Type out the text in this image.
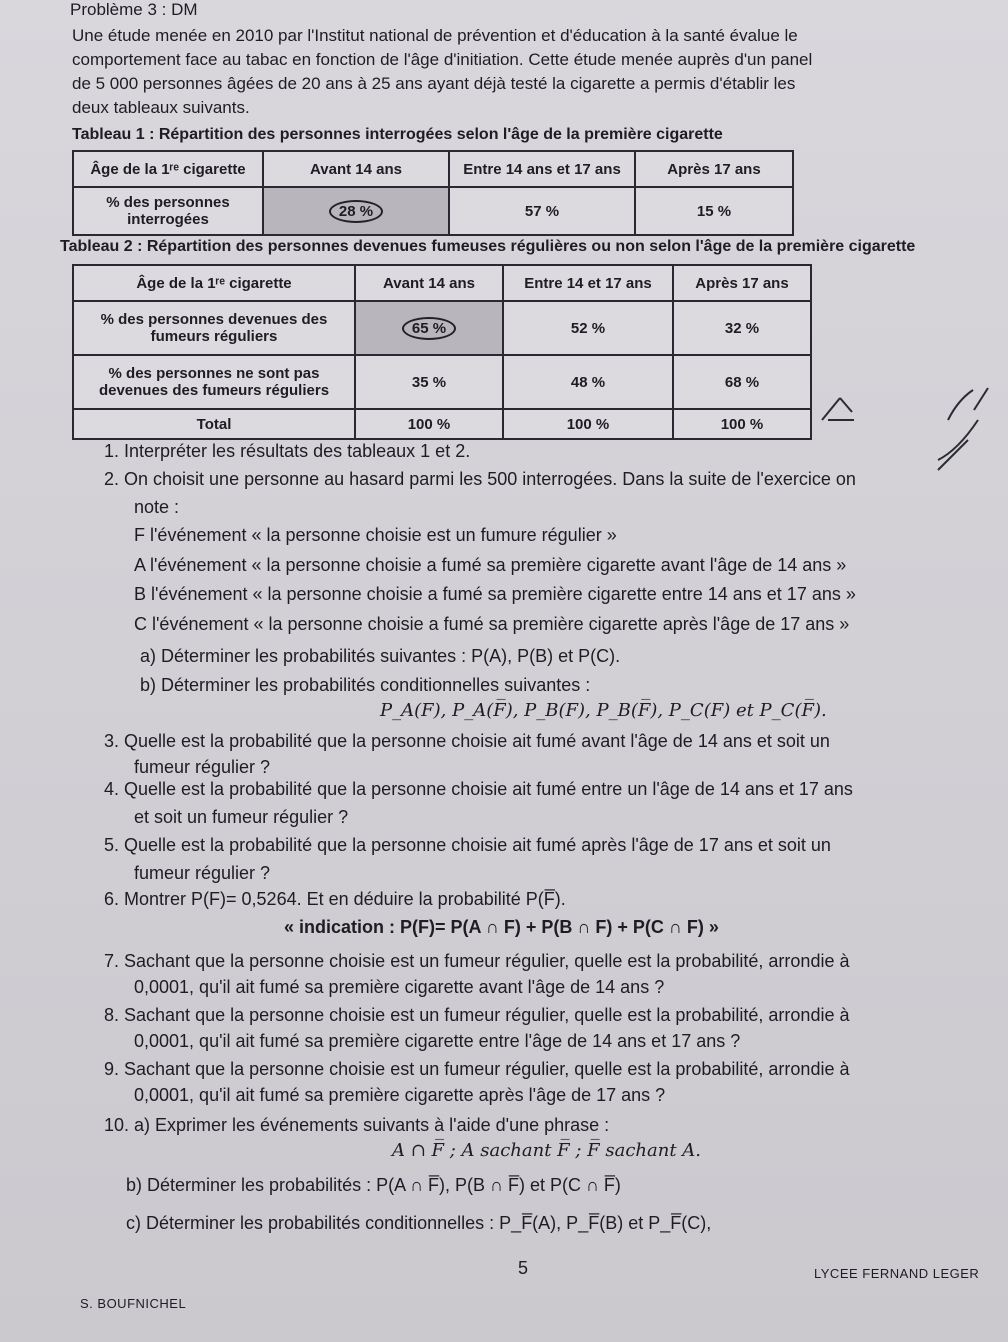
Problème 3 : DM
Une étude menée en 2010 par l'Institut national de prévention et d'éducation à la santé évalue le
comportement face au tabac en fonction de l'âge d'initiation. Cette étude menée auprès d'un panel
de 5 000 personnes âgées de 20 ans à 25 ans ayant déjà testé la cigarette a permis d'établir les
deux tableaux suivants.
Tableau 1 : Répartition des personnes interrogées selon l'âge de la première cigarette
Âge de la 1ʳᵉ cigarette	Avant 14 ans	Entre 14 ans et 17 ans	Après 17 ans
% des personnes interrogées	28 %	57 %	15 %
Tableau 2 : Répartition des personnes devenues fumeuses régulières ou non selon l'âge de la première cigarette
Âge de la 1ʳᵉ cigarette	Avant 14 ans	Entre 14 et 17 ans	Après 17 ans
% des personnes devenues des fumeurs réguliers	65 %	52 %	32 %
% des personnes ne sont pas devenues des fumeurs réguliers	35 %	48 %	68 %
Total	100 %	100 %	100 %
1. Interpréter les résultats des tableaux 1 et 2.
2. On choisit une personne au hasard parmi les 500 interrogées. Dans la suite de l'exercice on
note :
F l'événement « la personne choisie est un fumure régulier »
A l'événement « la personne choisie a fumé sa première cigarette avant l'âge de 14 ans »
B l'événement « la personne choisie a fumé sa première cigarette entre 14 ans et 17 ans »
C l'événement « la personne choisie a fumé sa première cigarette après l'âge de 17 ans »
a) Déterminer les probabilités suivantes : P(A), P(B) et P(C).
b) Déterminer les probabilités conditionnelles suivantes :
P_A(F), P_A(F̅), P_B(F), P_B(F̅), P_C(F) et P_C(F̅).
3. Quelle est la probabilité que la personne choisie ait fumé avant l'âge de 14 ans et soit un
fumeur régulier ?
4. Quelle est la probabilité que la personne choisie ait fumé entre un l'âge de 14 ans et 17 ans
et soit un fumeur régulier ?
5. Quelle est la probabilité que la personne choisie ait fumé après l'âge de 17 ans et soit un
fumeur régulier ?
6. Montrer P(F)= 0,5264. Et en déduire la probabilité P(F̅).
« indication : P(F)= P(A ∩ F) + P(B ∩ F) + P(C ∩ F) »
7. Sachant que la personne choisie est un fumeur régulier, quelle est la probabilité, arrondie à
0,0001, qu'il ait fumé sa première cigarette avant l'âge de 14 ans ?
8. Sachant que la personne choisie est un fumeur régulier, quelle est la probabilité, arrondie à
0,0001, qu'il ait fumé sa première cigarette entre l'âge de 14 ans et 17 ans ?
9. Sachant que la personne choisie est un fumeur régulier, quelle est la probabilité, arrondie à
0,0001, qu'il ait fumé sa première cigarette après l'âge de 17 ans ?
10. a) Exprimer les événements suivants à l'aide d'une phrase :
A ∩ F̅ ; A sachant F̅ ; F̅ sachant A.
b) Déterminer les probabilités : P(A ∩ F̅), P(B ∩ F̅) et P(C ∩ F̅)
c) Déterminer les probabilités conditionnelles : P_F̅(A), P_F̅(B) et P_F̅(C),
5	LYCEE FERNAND LEGER
S. BOUFNICHEL
